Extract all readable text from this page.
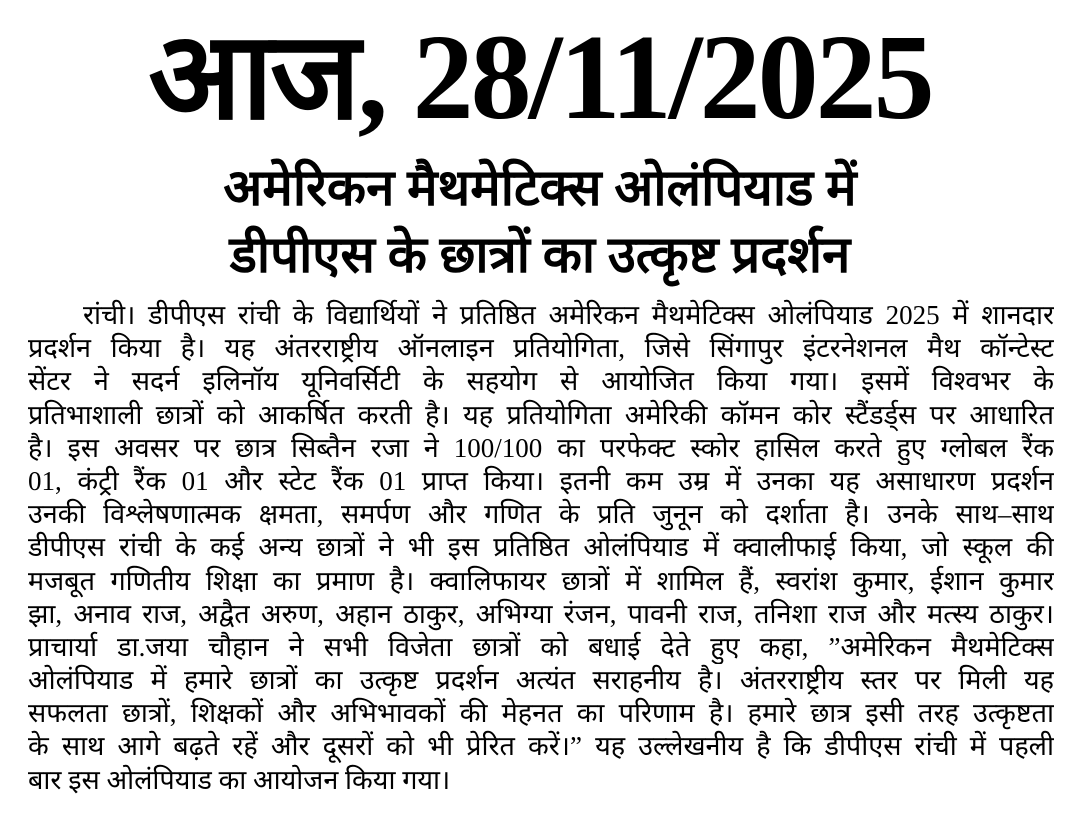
आज, 28/11/2025
अमेरिकन मैथमेटिक्स ओलंपियाड में
डीपीएस के छात्रों का उत्कृष्ट प्रदर्शन
रांची। डीपीएस रांची के विद्यार्थियों ने प्रतिष्ठित अमेरिकन मैथमेटिक्स ओलंपियाड 2025 में शानदार
प्रदर्शन किया है। यह अंतरराष्ट्रीय ऑनलाइन प्रतियोगिता, जिसे सिंगापुर इंटरनेशनल मैथ कॉन्टेस्ट
सेंटर ने सदर्न इलिनॉय यूनिवर्सिटी के सहयोग से आयोजित किया गया। इसमें विश्वभर के
प्रतिभाशाली छात्रों को आकर्षित करती है। यह प्रतियोगिता अमेरिकी कॉमन कोर स्टैंडर्ड्स पर आधारित
है। इस अवसर पर छात्र सिब्तैन रजा ने 100/100 का परफेक्ट स्कोर हासिल करते हुए ग्लोबल रैंक
01, कंट्री रैंक 01 और स्टेट रैंक 01 प्राप्त किया। इतनी कम उम्र में उनका यह असाधारण प्रदर्शन
उनकी विश्लेषणात्मक क्षमता, समर्पण और गणित के प्रति जुनून को दर्शाता है। उनके साथ–साथ
डीपीएस रांची के कई अन्य छात्रों ने भी इस प्रतिष्ठित ओलंपियाड में क्वालीफाई किया, जो स्कूल की
मजबूत गणितीय शिक्षा का प्रमाण है। क्वालिफायर छात्रों में शामिल हैं, स्वरांश कुमार, ईशान कुमार
झा, अनाव राज, अद्वैत अरुण, अहान ठाकुर, अभिग्या रंजन, पावनी राज, तनिशा राज और मत्स्य ठाकुर।
प्राचार्या डा.जया चौहान ने सभी विजेता छात्रों को बधाई देते हुए कहा, ”अमेरिकन मैथमेटिक्स
ओलंपियाड में हमारे छात्रों का उत्कृष्ट प्रदर्शन अत्यंत सराहनीय है। अंतरराष्ट्रीय स्तर पर मिली यह
सफलता छात्रों, शिक्षकों और अभिभावकों की मेहनत का परिणाम है। हमारे छात्र इसी तरह उत्कृष्टता
के साथ आगे बढ़ते रहें और दूसरों को भी प्रेरित करें।” यह उल्लेखनीय है कि डीपीएस रांची में पहली
बार इस ओलंपियाड का आयोजन किया गया।
